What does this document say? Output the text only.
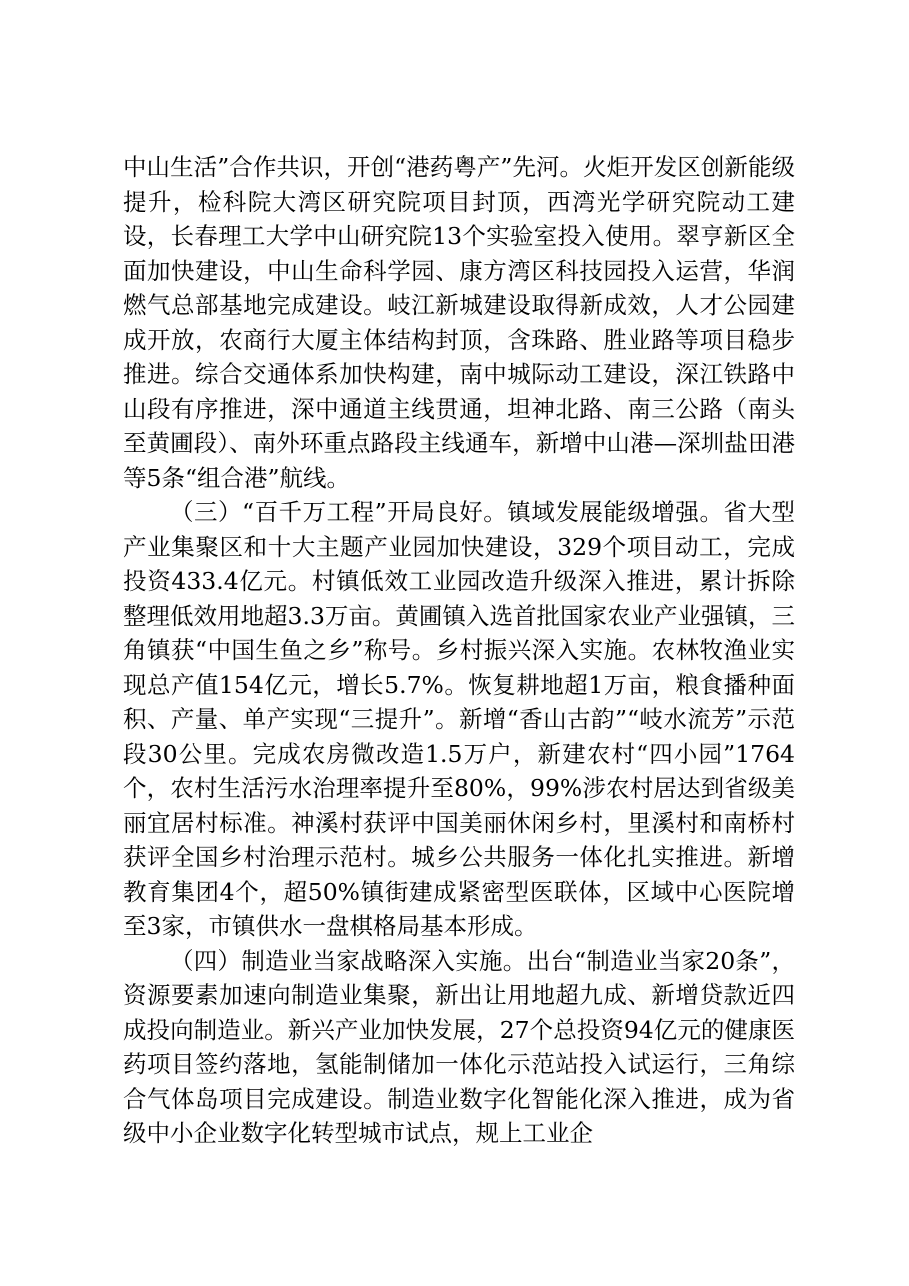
中山生活”合作共识，开创“港药粤产”先河。火炬开发区创新能级提升，检科院大湾区研究院项目封顶，西湾光学研究院动工建设，长春理工大学中山研究院13个实验室投入使用。翠亨新区全面加快建设，中山生命科学园、康方湾区科技园投入运营，华润燃气总部基地完成建设。岐江新城建设取得新成效，人才公园建成开放，农商行大厦主体结构封顶，含珠路、胜业路等项目稳步推进。综合交通体系加快构建，南中城际动工建设，深江铁路中山段有序推进，深中通道主线贯通，坦神北路、南三公路（南头至黄圃段）、南外环重点路段主线通车，新增中山港—深圳盐田港等5条“组合港”航线。

（三）“百千万工程”开局良好。镇域发展能级增强。省大型产业集聚区和十大主题产业园加快建设，329个项目动工，完成投资433.4亿元。村镇低效工业园改造升级深入推进，累计拆除整理低效用地超3.3万亩。黄圃镇入选首批国家农业产业强镇，三角镇获“中国生鱼之乡”称号。乡村振兴深入实施。农林牧渔业实现总产值154亿元，增长5.7%。恢复耕地超1万亩，粮食播种面积、产量、单产实现“三提升”。新增“香山古韵”“岐水流芳”示范段30公里。完成农房微改造1.5万户，新建农村“四小园”1764个，农村生活污水治理率提升至80%，99%涉农村居达到省级美丽宜居村标准。神溪村获评中国美丽休闲乡村，里溪村和南桥村获评全国乡村治理示范村。城乡公共服务一体化扎实推进。新增教育集团4个，超50%镇街建成紧密型医联体，区域中心医院增至3家，市镇供水一盘棋格局基本形成。

（四）制造业当家战略深入实施。出台“制造业当家20条”，资源要素加速向制造业集聚，新出让用地超九成、新增贷款近四成投向制造业。新兴产业加快发展，27个总投资94亿元的健康医药项目签约落地，氢能制储加一体化示范站投入试运行，三角综合气体岛项目完成建设。制造业数字化智能化深入推进，成为省级中小企业数字化转型城市试点，规上工业企
